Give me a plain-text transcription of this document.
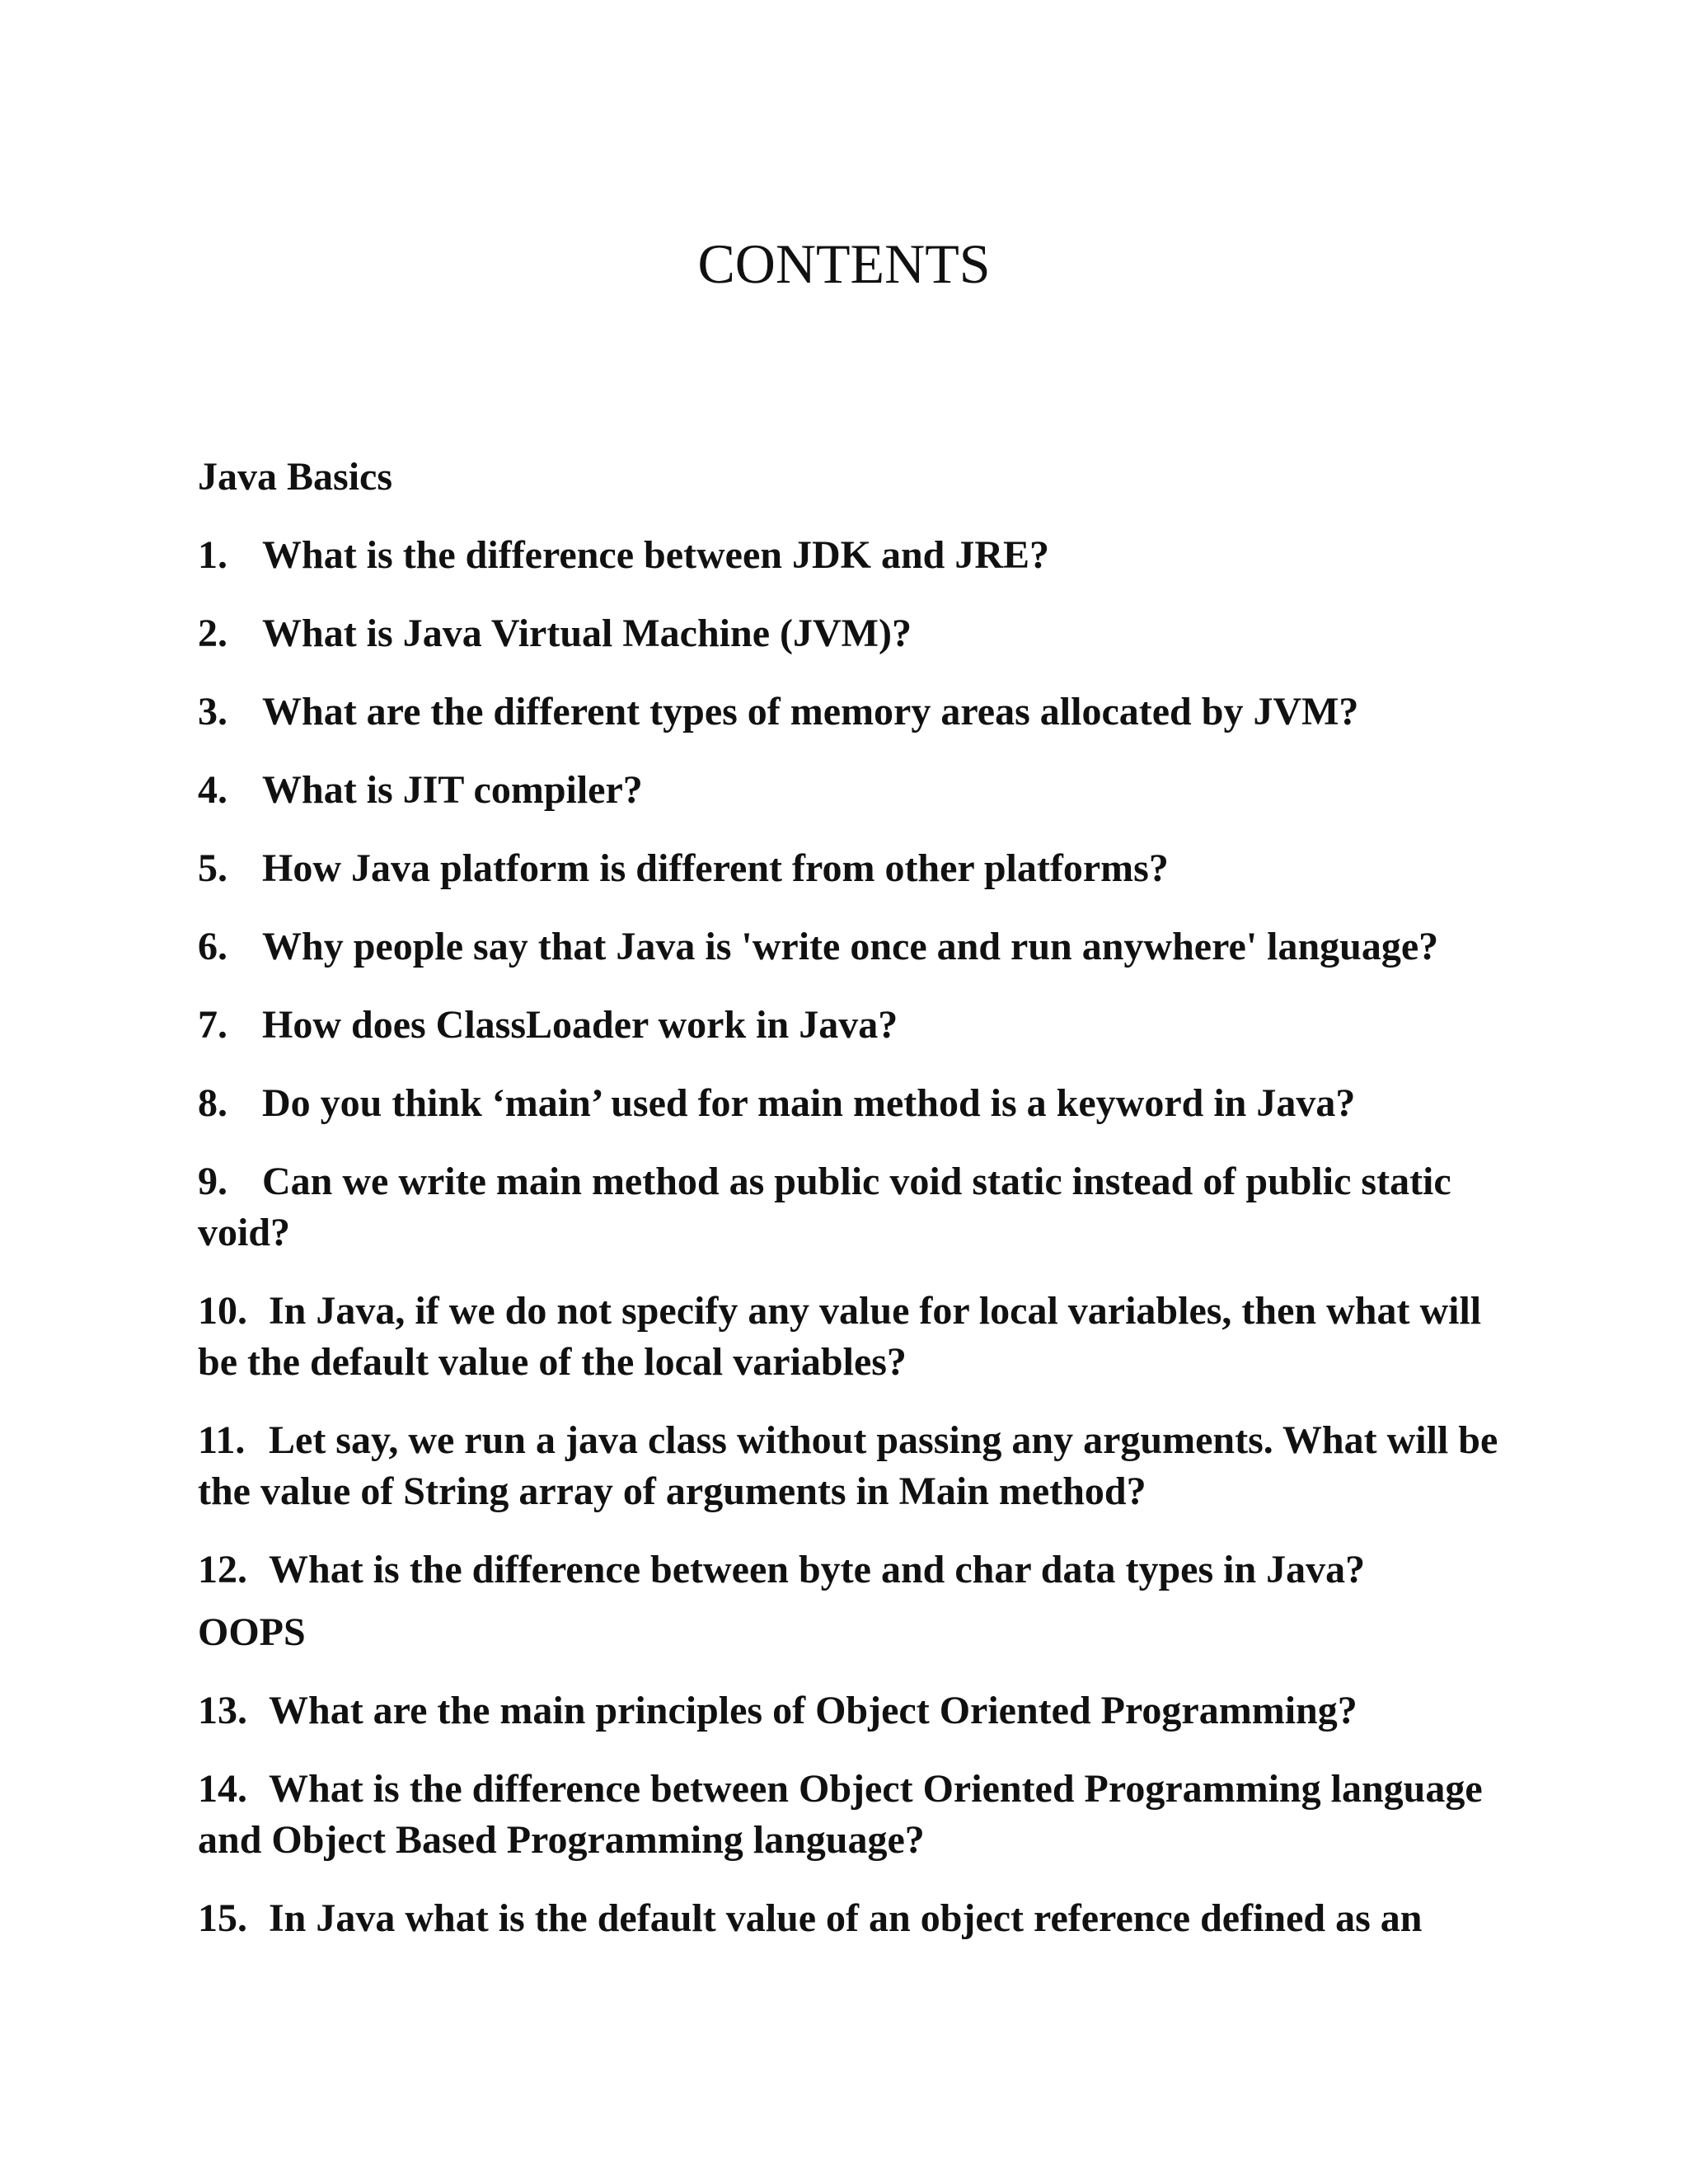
CONTENTS

Java Basics

1. What is the difference between JDK and JRE?

2. What is Java Virtual Machine (JVM)?

3. What are the different types of memory areas allocated by JVM?

4. What is JIT compiler?

5. How Java platform is different from other platforms?

6. Why people say that Java is 'write once and run anywhere' language?

7. How does ClassLoader work in Java?

8. Do you think ‘main’ used for main method is a keyword in Java?

9. Can we write main method as public void static instead of public static void?

10. In Java, if we do not specify any value for local variables, then what will be the default value of the local variables?

11. Let say, we run a java class without passing any arguments. What will be the value of String array of arguments in Main method?

12. What is the difference between byte and char data types in Java?

OOPS

13. What are the main principles of Object Oriented Programming?

14. What is the difference between Object Oriented Programming language and Object Based Programming language?

15. In Java what is the default value of an object reference defined as an
